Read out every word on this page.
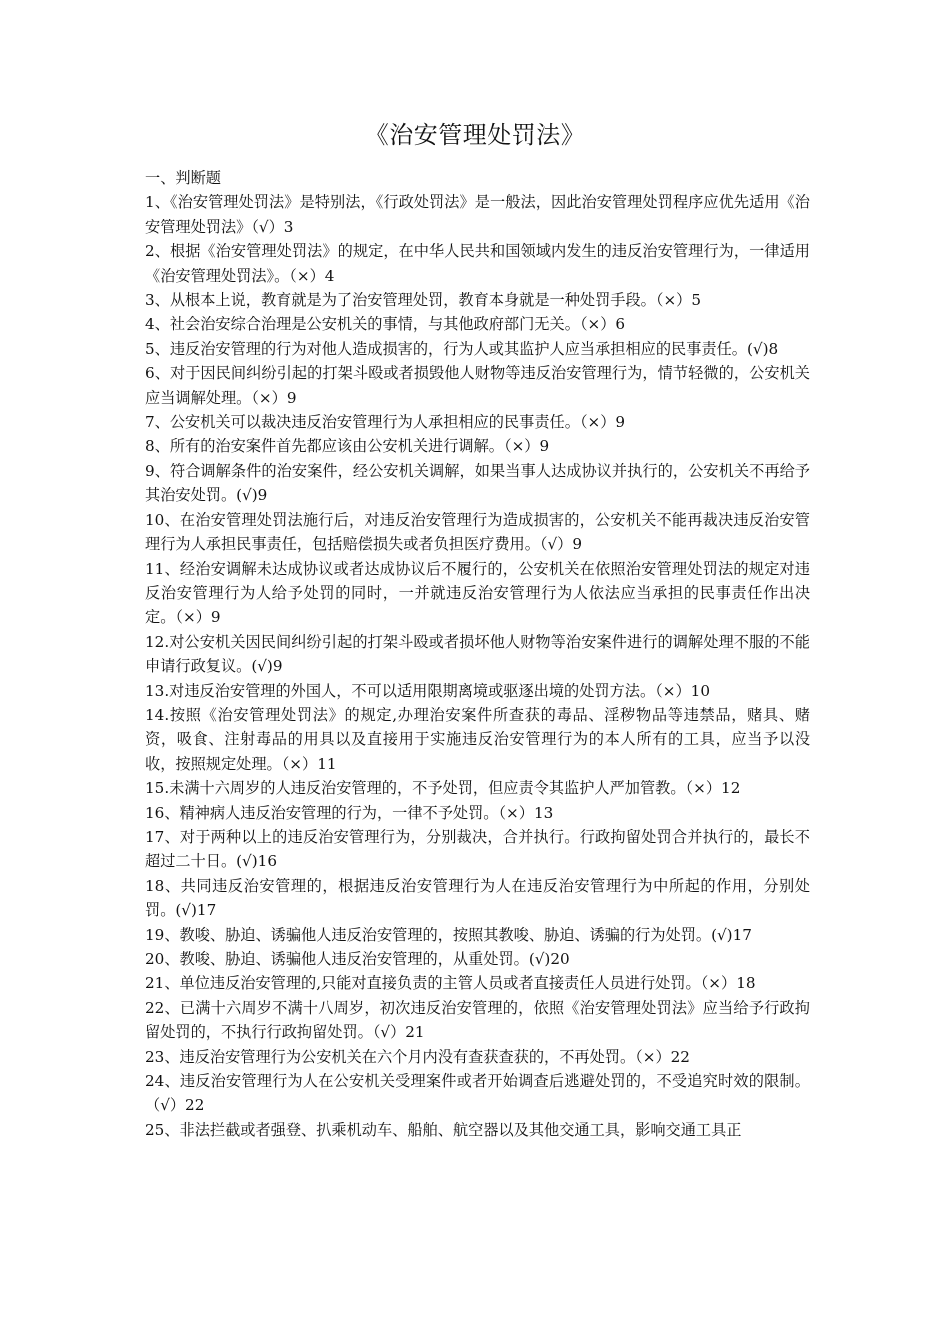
《治安管理处罚法》

一、判断题

1、《治安管理处罚法》是特别法，《行政处罚法》是一般法，因此治安管理处罚程序应优先适用《治安管理处罚法》（√）3

2、根据《治安管理处罚法》的规定，在中华人民共和国领域内发生的违反治安管理行为，一律适用《治安管理处罚法》。（×）4

3、从根本上说，教育就是为了治安管理处罚，教育本身就是一种处罚手段。（×）5

4、社会治安综合治理是公安机关的事情，与其他政府部门无关。（×）6

5、违反治安管理的行为对他人造成损害的，行为人或其监护人应当承担相应的民事责任。(√)8

6、对于因民间纠纷引起的打架斗殴或者损毁他人财物等违反治安管理行为，情节轻微的，公安机关应当调解处理。（×）9

7、公安机关可以裁决违反治安管理行为人承担相应的民事责任。（×）9

8、所有的治安案件首先都应该由公安机关进行调解。（×）9

9、符合调解条件的治安案件，经公安机关调解，如果当事人达成协议并执行的，公安机关不再给予其治安处罚。(√)9

10、在治安管理处罚法施行后，对违反治安管理行为造成损害的，公安机关不能再裁决违反治安管理行为人承担民事责任，包括赔偿损失或者负担医疗费用。（√）9

11、经治安调解未达成协议或者达成协议后不履行的，公安机关在依照治安管理处罚法的规定对违反治安管理行为人给予处罚的同时，一并就违反治安管理行为人依法应当承担的民事责任作出决定。（×）9

12.对公安机关因民间纠纷引起的打架斗殴或者损坏他人财物等治安案件进行的调解处理不服的不能申请行政复议。(√)9

13.对违反治安管理的外国人，不可以适用限期离境或驱逐出境的处罚方法。（×）10

14.按照《治安管理处罚法》的规定,办理治安案件所查获的毒品、淫秽物品等违禁品，赌具、赌资，吸食、注射毒品的用具以及直接用于实施违反治安管理行为的本人所有的工具，应当予以没收，按照规定处理。（×）11

15.未满十六周岁的人违反治安管理的，不予处罚，但应责令其监护人严加管教。（×）12

16、精神病人违反治安管理的行为，一律不予处罚。（×）13

17、对于两种以上的违反治安管理行为，分别裁决，合并执行。行政拘留处罚合并执行的，最长不超过二十日。(√)16

18、共同违反治安管理的，根据违反治安管理行为人在违反治安管理行为中所起的作用，分别处罚。(√)17

19、教唆、胁迫、诱骗他人违反治安管理的，按照其教唆、胁迫、诱骗的行为处罚。(√)17

20、教唆、胁迫、诱骗他人违反治安管理的，从重处罚。(√)20

21、单位违反治安管理的,只能对直接负责的主管人员或者直接责任人员进行处罚。（×）18

22、已满十六周岁不满十八周岁，初次违反治安管理的，依照《治安管理处罚法》应当给予行政拘留处罚的，不执行行政拘留处罚。（√）21

23、违反治安管理行为公安机关在六个月内没有查获查获的，不再处罚。（×）22

24、违反治安管理行为人在公安机关受理案件或者开始调查后逃避处罚的，不受追究时效的限制。（√）22

25、非法拦截或者强登、扒乘机动车、船舶、航空器以及其他交通工具，影响交通工具正
